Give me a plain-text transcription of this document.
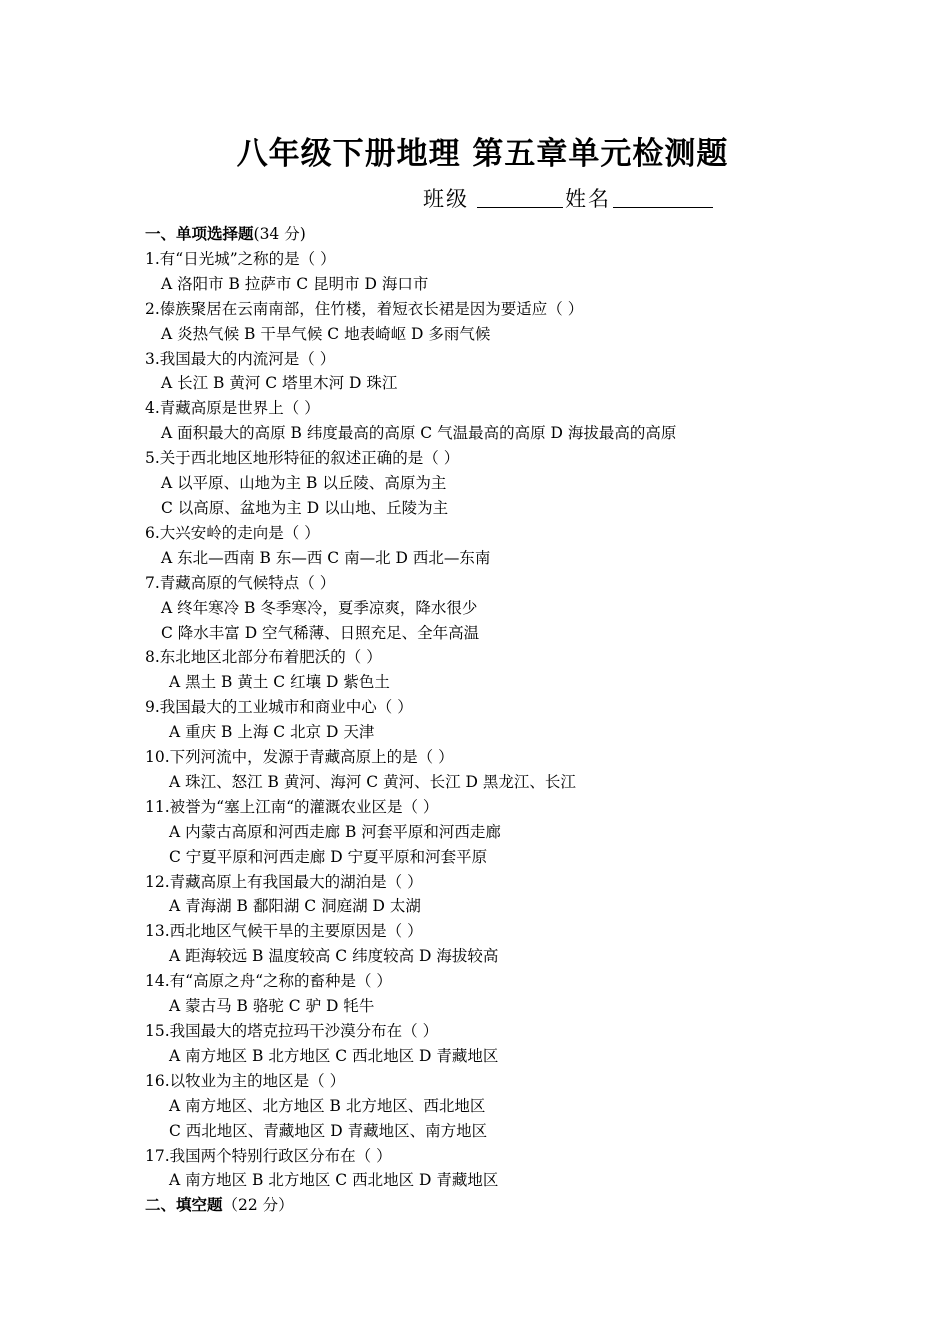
八年级下册地理 第五章单元检测题
班级	姓名
一、单项选择题(34 分)
1.有“日光城”之称的是（ ）
A 洛阳市 B 拉萨市 C 昆明市 D 海口市
2.傣族聚居在云南南部，住竹楼，着短衣长裙是因为要适应（ ）
A 炎热气候 B 干旱气候 C 地表崎岖 D 多雨气候
3.我国最大的内流河是（ ）
A 长江 B 黄河 C 塔里木河 D 珠江
4.青藏高原是世界上（ ）
A 面积最大的高原 B 纬度最高的高原 C 气温最高的高原 D 海拔最高的高原
5.关于西北地区地形特征的叙述正确的是（ ）
A 以平原、山地为主 B 以丘陵、高原为主
C 以高原、盆地为主 D 以山地、丘陵为主
6.大兴安岭的走向是（ ）
A 东北—西南 B 东—西 C 南—北 D 西北—东南
7.青藏高原的气候特点（ ）
A 终年寒冷 B 冬季寒冷，夏季凉爽，降水很少
C 降水丰富 D 空气稀薄、日照充足、全年高温
8.东北地区北部分布着肥沃的（ ）
A 黑土 B 黄土 C 红壤 D 紫色土
9.我国最大的工业城市和商业中心（ ）
A 重庆 B 上海 C 北京 D 天津
10.下列河流中，发源于青藏高原上的是（ ）
A 珠江、怒江 B 黄河、海河 C 黄河、长江 D 黑龙江、长江
11.被誉为“塞上江南“的灌溉农业区是（ ）
A 内蒙古高原和河西走廊 B 河套平原和河西走廊
C 宁夏平原和河西走廊 D 宁夏平原和河套平原
12.青藏高原上有我国最大的湖泊是（ ）
A 青海湖 B 鄱阳湖 C 洞庭湖 D 太湖
13.西北地区气候干旱的主要原因是（ ）
A 距海较远 B 温度较高 C 纬度较高 D 海拔较高
14.有“高原之舟“之称的畜种是（ ）
A 蒙古马 B 骆驼 C 驴 D 牦牛
15.我国最大的塔克拉玛干沙漠分布在（ ）
A 南方地区 B 北方地区 C 西北地区 D 青藏地区
16.以牧业为主的地区是（ ）
A 南方地区、北方地区 B 北方地区、西北地区
C 西北地区、青藏地区 D 青藏地区、南方地区
17.我国两个特别行政区分布在（ ）
A 南方地区 B 北方地区 C 西北地区 D 青藏地区
二、填空题（22 分）
